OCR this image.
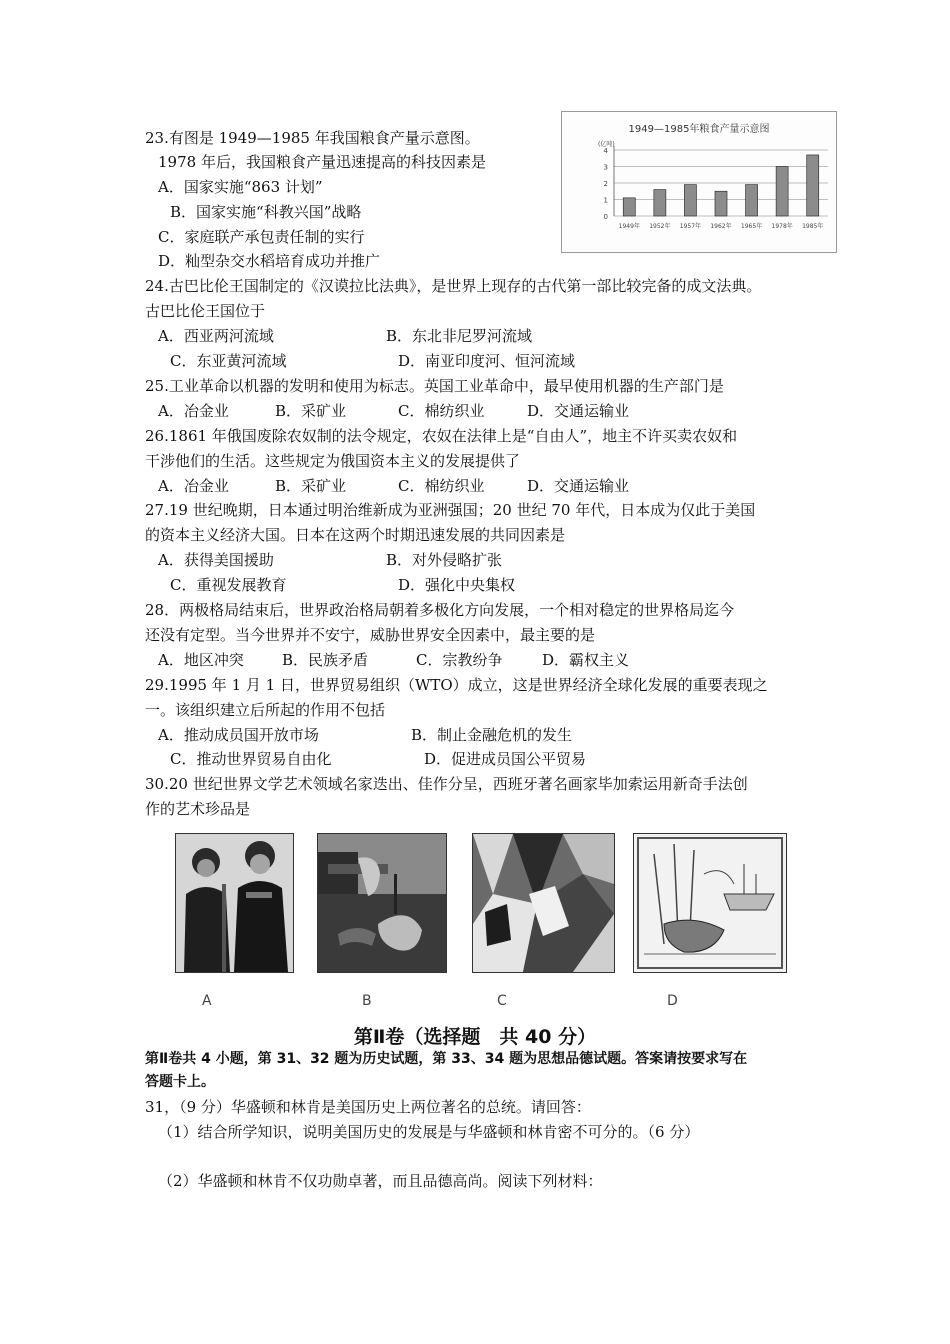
23.有图是 1949—1985 年我国粮食产量示意图。
1978 年后，我国粮食产量迅速提高的科技因素是
A．国家实施“863 计划”
B．国家实施“科教兴国”战略
C．家庭联产承包责任制的实行
D．籼型杂交水稻培育成功并推广
1949—1985年粮食产量示意图
(亿吨)
0
1
2
3
4
1949年 1952年 1957年 1962年 1965年 1978年 1985年
24.古巴比伦王国制定的《汉谟拉比法典》，是世界上现存的古代第一部比较完备的成文法典。
古巴比伦王国位于
A．西亚两河流域	B．东北非尼罗河流域
C．东亚黄河流域	D．南亚印度河、恒河流域
25.工业革命以机器的发明和使用为标志。英国工业革命中，最早使用机器的生产部门是
A．冶金业	B．采矿业	C．棉纺织业	D．交通运输业
26.1861 年俄国废除农奴制的法令规定，农奴在法律上是“自由人”，地主不许买卖农奴和
干涉他们的生活。这些规定为俄国资本主义的发展提供了
A．冶金业	B．采矿业	C．棉纺织业	D．交通运输业
27.19 世纪晚期，日本通过明治维新成为亚洲强国；20 世纪 70 年代，日本成为仅此于美国
的资本主义经济大国。日本在这两个时期迅速发展的共同因素是
A．获得美国援助	B．对外侵略扩张
C．重视发展教育	D．强化中央集权
28．两极格局结束后，世界政治格局朝着多极化方向发展，一个相对稳定的世界格局迄今
还没有定型。当今世界并不安宁，威胁世界安全因素中，最主要的是
A．地区冲突	B．民族矛盾	C．宗教纷争	D．霸权主义
29.1995 年 1 月 1 日，世界贸易组织（WTO）成立，这是世界经济全球化发展的重要表现之
一。该组织建立后所起的作用不包括
A．推动成员国开放市场	B．制止金融危机的发生
C．推动世界贸易自由化	D．促进成员国公平贸易
30.20 世纪世界文学艺术领域名家迭出、佳作分呈，西班牙著名画家毕加索运用新奇手法创
作的艺术珍品是
A	B	C	D
第Ⅱ卷（选择题　共 40 分）
第Ⅱ卷共 4 小题，第 31、32 题为历史试题，第 33、34 题为思想品德试题。答案请按要求写在
答题卡上。
31，（9 分）华盛顿和林肯是美国历史上两位著名的总统。请回答：
（1）结合所学知识，说明美国历史的发展是与华盛顿和林肯密不可分的。（6 分）
（2）华盛顿和林肯不仅功勋卓著，而且品德高尚。阅读下列材料：
